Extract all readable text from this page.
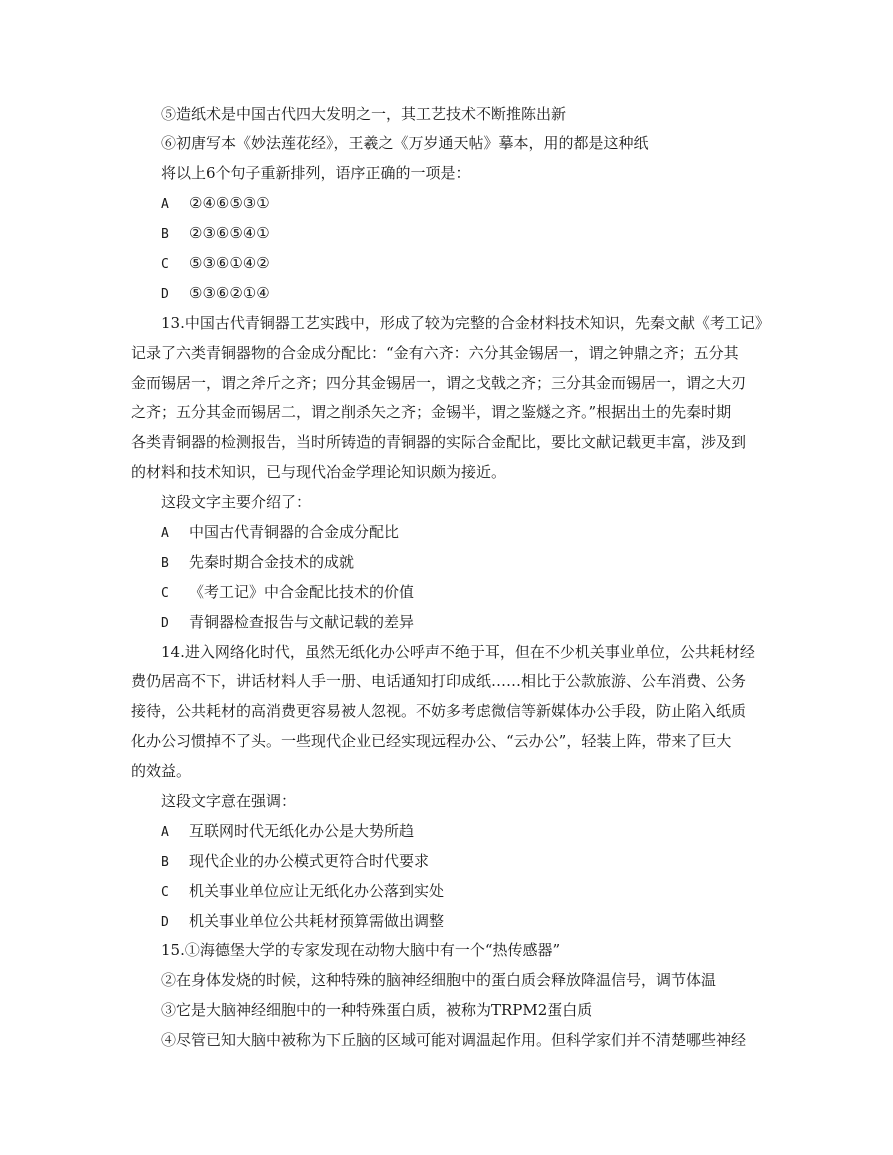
⑤造纸术是中国古代四大发明之一，其工艺技术不断推陈出新
⑥初唐写本《妙法莲花经》，王羲之《万岁通天帖》摹本，用的都是这种纸
将以上6个句子重新排列，语序正确的一项是：
A ②④⑥⑤③①
B ②③⑥⑤④①
C ⑤③⑥①④②
D ⑤③⑥②①④
13.中国古代青铜器工艺实践中，形成了较为完整的合金材料技术知识，先秦文献《考工记》
记录了六类青铜器物的合金成分配比：“金有六齐：六分其金锡居一，谓之钟鼎之齐；五分其
金而锡居一，谓之斧斤之齐；四分其金锡居一，谓之戈戟之齐；三分其金而锡居一，谓之大刃
之齐；五分其金而锡居二，谓之削杀矢之齐；金锡半，谓之鉴燧之齐。”根据出土的先秦时期
各类青铜器的检测报告，当时所铸造的青铜器的实际合金配比，要比文献记载更丰富，涉及到
的材料和技术知识，已与现代冶金学理论知识颇为接近。
这段文字主要介绍了：
A 中国古代青铜器的合金成分配比
B 先秦时期合金技术的成就
C 《考工记》中合金配比技术的价值
D 青铜器检查报告与文献记载的差异
14.进入网络化时代，虽然无纸化办公呼声不绝于耳，但在不少机关事业单位，公共耗材经
费仍居高不下，讲话材料人手一册、电话通知打印成纸……相比于公款旅游、公车消费、公务
接待，公共耗材的高消费更容易被人忽视。不妨多考虑微信等新媒体办公手段，防止陷入纸质
化办公习惯掉不了头。一些现代企业已经实现远程办公、“云办公”，轻装上阵，带来了巨大
的效益。
这段文字意在强调：
A 互联网时代无纸化办公是大势所趋
B 现代企业的办公模式更符合时代要求
C 机关事业单位应让无纸化办公落到实处
D 机关事业单位公共耗材预算需做出调整
15.①海德堡大学的专家发现在动物大脑中有一个“热传感器”
②在身体发烧的时候，这种特殊的脑神经细胞中的蛋白质会释放降温信号，调节体温
③它是大脑神经细胞中的一种特殊蛋白质，被称为TRPM2蛋白质
④尽管已知大脑中被称为下丘脑的区域可能对调温起作用。但科学家们并不清楚哪些神经
